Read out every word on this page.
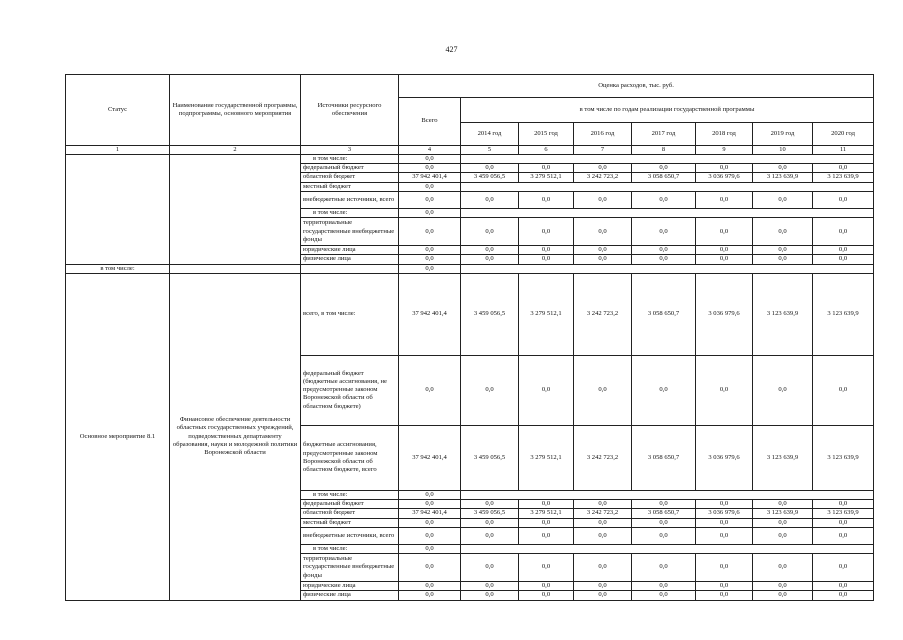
427
Статус	Наименование государственной программы, подпрограммы, основного мероприятия	Источники ресурсного обеспечения	Оценка расходов, тыс. руб.							
			Всего	в том числе по годам реализации государственной программы						
				2014 год	2015 год	2016 год	2017 год	2018 год	2019 год	2020 год
1	2	3	4	5	6	7	8	9	10	11
		в том числе:	0,0							
		федеральный бюджет	0,0	0,0	0,0	0,0	0,0	0,0	0,0	0,0
		областной бюджет	37 942 401,4	3 459 056,5	3 279 512,1	3 242 723,2	3 058 650,7	3 036 979,6	3 123 639,9	3 123 639,9
		местный бюджет	0,0							
		внебюджетные источники, всего	0,0	0,0	0,0	0,0	0,0	0,0	0,0	0,0
		в том числе:	0,0							
		территориальные государственные внебюджетные фонды	0,0	0,0	0,0	0,0	0,0	0,0	0,0	0,0
		юридические лица	0,0	0,0	0,0	0,0	0,0	0,0	0,0	0,0
		физические лица	0,0	0,0	0,0	0,0	0,0	0,0	0,0	0,0
в том числе:			0,0							
Основное мероприятие 8.1	Финансовое обеспечение деятельности областных государственных учреждений, подведомственных департаменту образования, науки и молодежной политики Воронежской области	всего, в том числе:	37 942 401,4	3 459 056,5	3 279 512,1	3 242 723,2	3 058 650,7	3 036 979,6	3 123 639,9	3 123 639,9
		федеральный бюджет (бюджетные ассигнования, не предусмотренные законом Воронежской области об областном бюджете)	0,0	0,0	0,0	0,0	0,0	0,0	0,0	0,0
		бюджетные ассигнования, предусмотренные законом Воронежской области об областном бюджете, всего	37 942 401,4	3 459 056,5	3 279 512,1	3 242 723,2	3 058 650,7	3 036 979,6	3 123 639,9	3 123 639,9
		в том числе:	0,0							
		федеральный бюджет	0,0	0,0	0,0	0,0	0,0	0,0	0,0	0,0
		областной бюджет	37 942 401,4	3 459 056,5	3 279 512,1	3 242 723,2	3 058 650,7	3 036 979,6	3 123 639,9	3 123 639,9
		местный бюджет	0,0	0,0	0,0	0,0	0,0	0,0	0,0	0,0
		внебюджетные источники, всего	0,0	0,0	0,0	0,0	0,0	0,0	0,0	0,0
		в том числе:	0,0							
		территориальные государственные внебюджетные фонды	0,0	0,0	0,0	0,0	0,0	0,0	0,0	0,0
		юридические лица	0,0	0,0	0,0	0,0	0,0	0,0	0,0	0,0
		физические лица	0,0	0,0	0,0	0,0	0,0	0,0	0,0	0,0
